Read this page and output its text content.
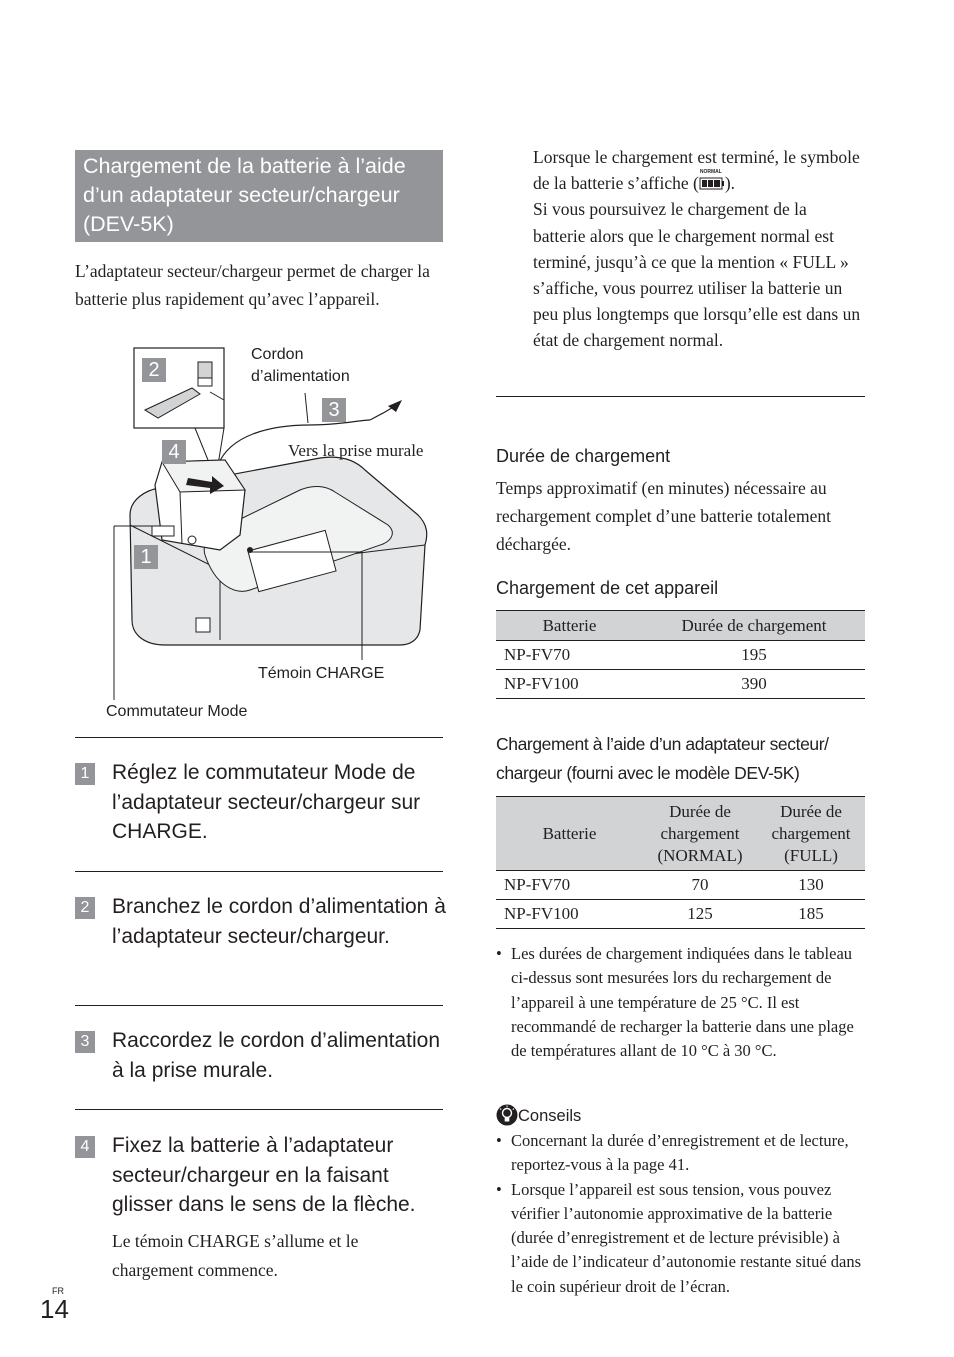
Chargement de la batterie à l’aide d’un adaptateur secteur/chargeur (DEV-5K)
L’adaptateur secteur/chargeur permet de charger la batterie plus rapidement qu’avec l’appareil.
2
3
4
1
Cordon d’alimentation
Vers la prise murale
Témoin CHARGE
Commutateur Mode
1 Réglez le commutateur Mode de l’adaptateur secteur/chargeur sur CHARGE.
2 Branchez le cordon d’alimentation à l’adaptateur secteur/chargeur.
3 Raccordez le cordon d’alimentation à la prise murale.
4 Fixez la batterie à l’adaptateur secteur/chargeur en la faisant glisser dans le sens de la flèche.
Le témoin CHARGE s’allume et le chargement commence.
Lorsque le chargement est terminé, le symbole de la batterie s’affiche (
NORMAL
).
Si vous poursuivez le chargement de la batterie alors que le chargement normal est terminé, jusqu’à ce que la mention « FULL » s’affiche, vous pourrez utiliser la batterie un peu plus longtemps que lorsqu’elle est dans un état de chargement normal.
Durée de chargement
Temps approximatif (en minutes) nécessaire au rechargement complet d’une batterie totalement déchargée.
Chargement de cet appareil
Batterie	Durée de chargement
NP-FV70	195
NP-FV100	390
Chargement à l’aide d’un adaptateur secteur/ chargeur (fourni avec le modèle DEV-5K)
Batterie	Durée de chargement (NORMAL)	Durée de chargement (FULL)
NP-FV70	70	130
NP-FV100	125	185
• Les durées de chargement indiquées dans le tableau ci-dessus sont mesurées lors du rechargement de l’appareil à une température de 25 °C. Il est recommandé de recharger la batterie dans une plage de températures allant de 10 °C à 30 °C.
Conseils
• Concernant la durée d’enregistrement et de lecture, reportez-vous à la page 41.
• Lorsque l’appareil est sous tension, vous pouvez vérifier l’autonomie approximative de la batterie (durée d’enregistrement et de lecture prévisible) à l’aide de l’indicateur d’autonomie restante situé dans le coin supérieur droit de l’écran.
FR
14
